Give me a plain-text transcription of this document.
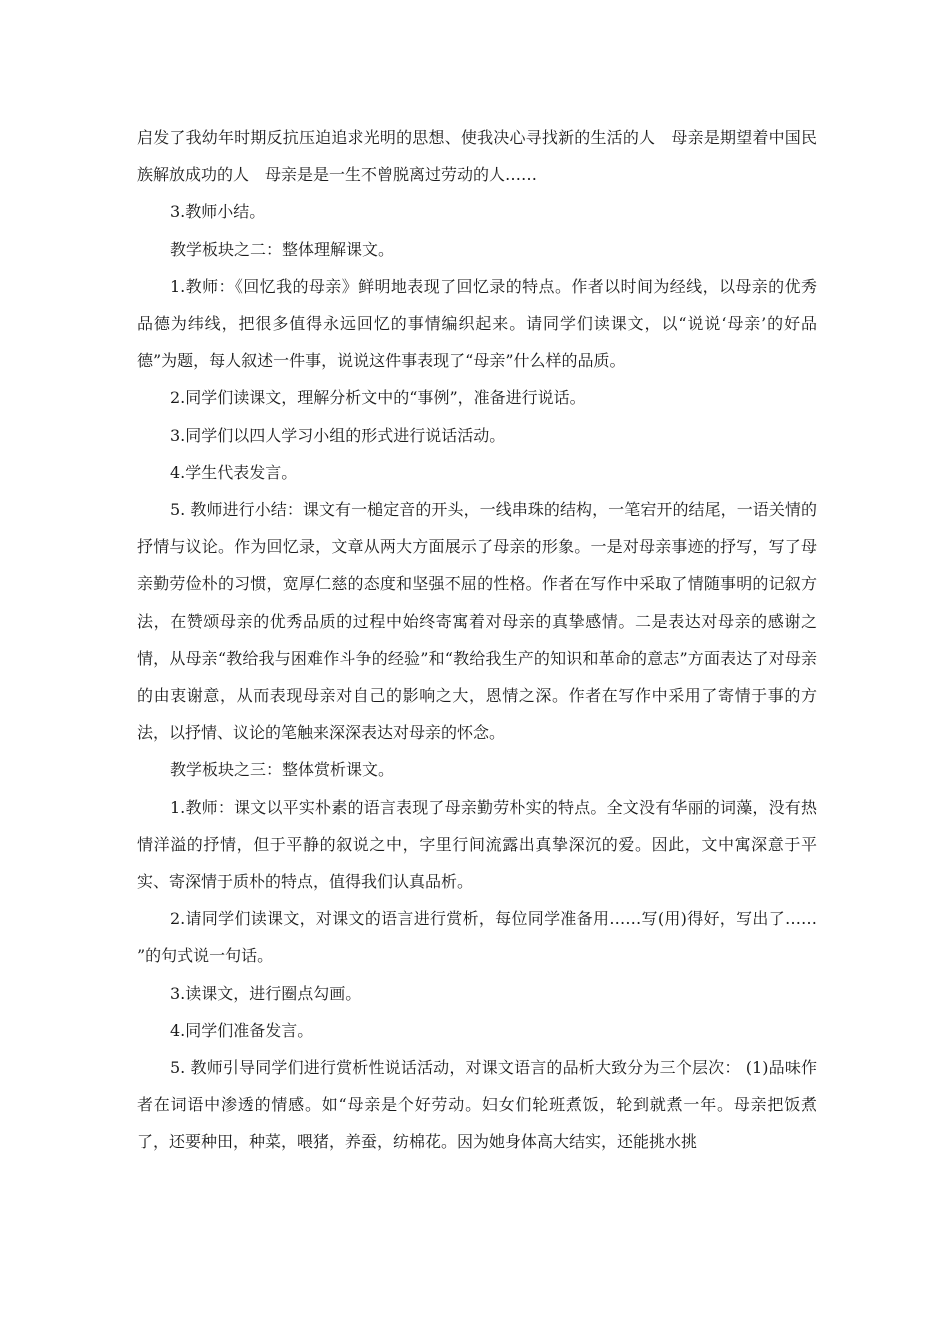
启发了我幼年时期反抗压迫追求光明的思想、使我决心寻找新的生活的人　母亲是期望着中国民族解放成功的人　母亲是是一生不曾脱离过劳动的人……

3.教师小结。

教学板块之二：整体理解课文。

1.教师：《回忆我的母亲》鲜明地表现了回忆录的特点。作者以时间为经线，以母亲的优秀品德为纬线，把很多值得永远回忆的事情编织起来。请同学们读课文，以“说说‘母亲’的好品德”为题，每人叙述一件事，说说这件事表现了“母亲”什么样的品质。

2.同学们读课文，理解分析文中的“事例”，准备进行说话。

3.同学们以四人学习小组的形式进行说话活动。

4.学生代表发言。

5. 教师进行小结：课文有一槌定音的开头，一线串珠的结构，一笔宕开的结尾，一语关情的抒情与议论。作为回忆录，文章从两大方面展示了母亲的形象。一是对母亲事迹的抒写，写了母亲勤劳俭朴的习惯，宽厚仁慈的态度和坚强不屈的性格。作者在写作中采取了情随事明的记叙方法，在赞颂母亲的优秀品质的过程中始终寄寓着对母亲的真挚感情。二是表达对母亲的感谢之情，从母亲“教给我与困难作斗争的经验”和“教给我生产的知识和革命的意志”方面表达了对母亲的由衷谢意，从而表现母亲对自己的影响之大，恩情之深。作者在写作中采用了寄情于事的方法，以抒情、议论的笔触来深深表达对母亲的怀念。

教学板块之三：整体赏析课文。

1.教师：课文以平实朴素的语言表现了母亲勤劳朴实的特点。全文没有华丽的词藻，没有热情洋溢的抒情，但于平静的叙说之中，字里行间流露出真挚深沉的爱。因此，文中寓深意于平实、寄深情于质朴的特点，值得我们认真品析。

2.请同学们读课文，对课文的语言进行赏析，每位同学准备用……写(用)得好，写出了…… ”的句式说一句话。

3.读课文，进行圈点勾画。

4.同学们准备发言。

5. 教师引导同学们进行赏析性说话活动，对课文语言的品析大致分为三个层次： (1)品味作者在词语中渗透的情感。如“母亲是个好劳动。妇女们轮班煮饭，轮到就煮一年。母亲把饭煮了，还要种田，种菜，喂猪，养蚕，纺棉花。因为她身体高大结实，还能挑水挑
